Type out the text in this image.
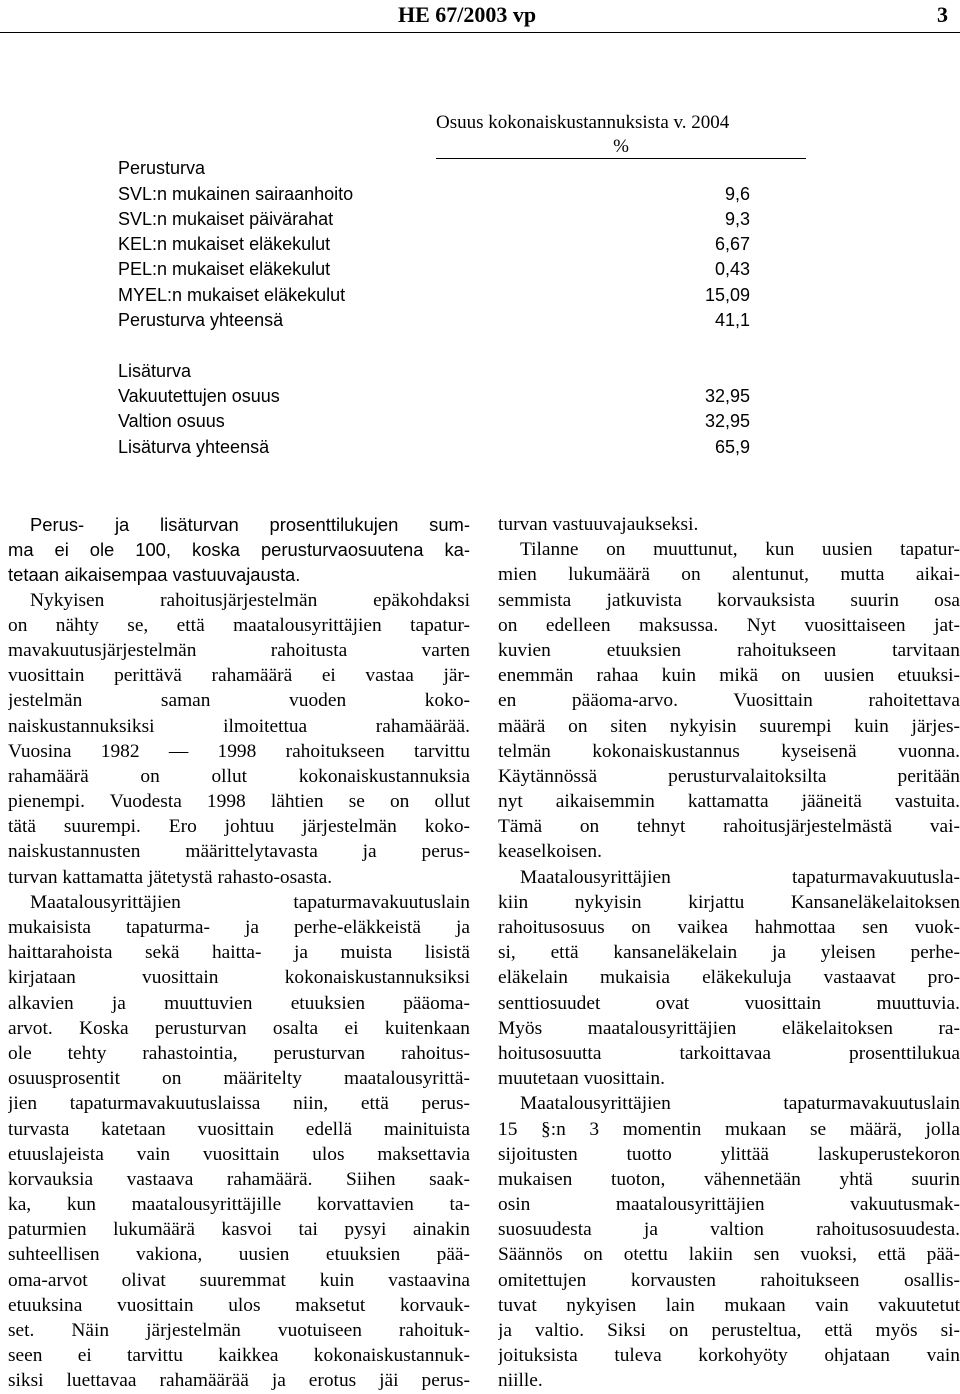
HE 67/2003 vp	3
Osuus kokonaiskustannuksista v. 2004
%
Perusturva
SVL:n mukainen sairaanhoito	9,6
SVL:n mukaiset päivärahat	9,3
KEL:n mukaiset eläkekulut	6,67
PEL:n mukaiset eläkekulut	0,43
MYEL:n mukaiset eläkekulut	15,09
Perusturva yhteensä	41,1
Lisäturva
Vakuutettujen osuus	32,95
Valtion osuus	32,95
Lisäturva yhteensä	65,9
Perus- ja lisäturvan prosenttilukujen sum-
ma ei ole 100, koska perusturvaosuutena ka-
tetaan aikaisempaa vastuuvajausta.
Nykyisen rahoitusjärjestelmän epäkohdaksi
on nähty se, että maatalousyrittäjien tapatur-
mavakuutusjärjestelmän rahoitusta varten
vuosittain perittävä rahamäärä ei vastaa jär-
jestelmän saman vuoden koko-
naiskustannuksiksi ilmoitettua rahamäärää.
Vuosina 1982 — 1998 rahoitukseen tarvittu
rahamäärä on ollut kokonaiskustannuksia
pienempi. Vuodesta 1998 lähtien se on ollut
tätä suurempi. Ero johtuu järjestelmän koko-
naiskustannusten määrittelytavasta ja perus-
turvan kattamatta jätetystä rahasto-osasta.
Maatalousyrittäjien tapaturmavakuutuslain
mukaisista tapaturma- ja perhe-eläkkeistä ja
haittarahoista sekä haitta- ja muista lisistä
kirjataan vuosittain kokonaiskustannuksiksi
alkavien ja muuttuvien etuuksien pääoma-
arvot. Koska perusturvan osalta ei kuitenkaan
ole tehty rahastointia, perusturvan rahoitus-
osuusprosentit on määritelty maatalousyrittä-
jien tapaturmavakuutuslaissa niin, että perus-
turvasta katetaan vuosittain edellä mainituista
etuuslajeista vain vuosittain ulos maksettavia
korvauksia vastaava rahamäärä. Siihen saak-
ka, kun maatalousyrittäjille korvattavien ta-
paturmien lukumäärä kasvoi tai pysyi ainakin
suhteellisen vakiona, uusien etuuksien pää-
oma-arvot olivat suuremmat kuin vastaavina
etuuksina vuosittain ulos maksetut korvauk-
set. Näin järjestelmän vuotuiseen rahoituk-
seen ei tarvittu kaikkea kokonaiskustannuk-
siksi luettavaa rahamäärää ja erotus jäi perus-
turvan vastuuvajaukseksi.
Tilanne on muuttunut, kun uusien tapatur-
mien lukumäärä on alentunut, mutta aikai-
semmista jatkuvista korvauksista suurin osa
on edelleen maksussa. Nyt vuosittaiseen jat-
kuvien etuuksien rahoitukseen tarvitaan
enemmän rahaa kuin mikä on uusien etuuksi-
en pääoma-arvo. Vuosittain rahoitettava
määrä on siten nykyisin suurempi kuin järjes-
telmän kokonaiskustannus kyseisenä vuonna.
Käytännössä perusturvalaitoksilta peritään
nyt aikaisemmin kattamatta jääneitä vastuita.
Tämä on tehnyt rahoitusjärjestelmästä vai-
keaselkoisen.
Maatalousyrittäjien tapaturmavakuutusla-
kiin nykyisin kirjattu Kansaneläkelaitoksen
rahoitusosuus on vaikea hahmottaa sen vuok-
si, että kansaneläkelain ja yleisen perhe-
eläkelain mukaisia eläkekuluja vastaavat pro-
senttiosuudet ovat vuosittain muuttuvia.
Myös maatalousyrittäjien eläkelaitoksen ra-
hoitusosuutta tarkoittavaa prosenttilukua
muutetaan vuosittain.
Maatalousyrittäjien tapaturmavakuutuslain
15 §:n 3 momentin mukaan se määrä, jolla
sijoitusten tuotto ylittää laskuperustekoron
mukaisen tuoton, vähennetään yhtä suurin
osin maatalousyrittäjien vakuutusmak-
suosuudesta ja valtion rahoitusosuudesta.
Säännös on otettu lakiin sen vuoksi, että pää-
omitettujen korvausten rahoitukseen osallis-
tuvat nykyisen lain mukaan vain vakuutetut
ja valtio. Siksi on perusteltua, että myös si-
joituksista tuleva korkohyöty ohjataan vain
niille.
